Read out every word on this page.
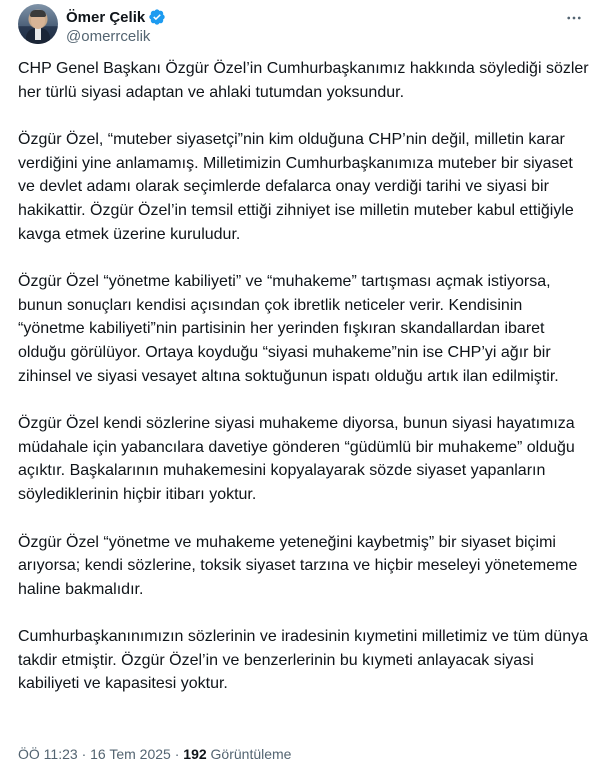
Ömer Çelik
@omerrcelik

CHP Genel Başkanı Özgür Özel’in Cumhurbaşkanımız hakkında söylediği sözler her türlü siyasi adaptan ve ahlaki tutumdan yoksundur.

Özgür Özel, “muteber siyasetçi”nin kim olduğuna CHP’nin değil, milletin karar verdiğini yine anlamamış. Milletimizin Cumhurbaşkanımıza muteber bir siyaset ve devlet adamı olarak seçimlerde defalarca onay verdiği tarihi ve siyasi bir hakikattir. Özgür Özel’in temsil ettiği zihniyet ise milletin muteber kabul ettiğiyle kavga etmek üzerine kuruludur.

Özgür Özel “yönetme kabiliyeti” ve “muhakeme” tartışması açmak istiyorsa, bunun sonuçları kendisi açısından çok ibretlik neticeler verir. Kendisinin “yönetme kabiliyeti”nin partisinin her yerinden fışkıran skandallardan ibaret olduğu görülüyor. Ortaya koyduğu “siyasi muhakeme”nin ise CHP’yi ağır bir zihinsel ve siyasi vesayet altına soktuğunun ispatı olduğu artık ilan edilmiştir.

Özgür Özel kendi sözlerine siyasi muhakeme diyorsa, bunun siyasi hayatımıza müdahale için yabancılara davetiye gönderen “güdümlü bir muhakeme” olduğu açıktır. Başkalarının muhakemesini kopyalayarak sözde siyaset yapanların söylediklerinin hiçbir itibarı yoktur.

Özgür Özel “yönetme ve muhakeme yeteneğini kaybetmiş” bir siyaset biçimi arıyorsa; kendi sözlerine, toksik siyaset tarzına ve hiçbir meseleyi yönetememe haline bakmalıdır.

Cumhurbaşkanınımızın sözlerinin ve iradesinin kıymetini milletimiz ve tüm dünya takdir etmiştir. Özgür Özel’in ve benzerlerinin bu kıymeti anlayacak siyasi kabiliyeti ve kapasitesi yoktur.

ÖÖ 11:23 · 16 Tem 2025 · 192 Görüntüleme
